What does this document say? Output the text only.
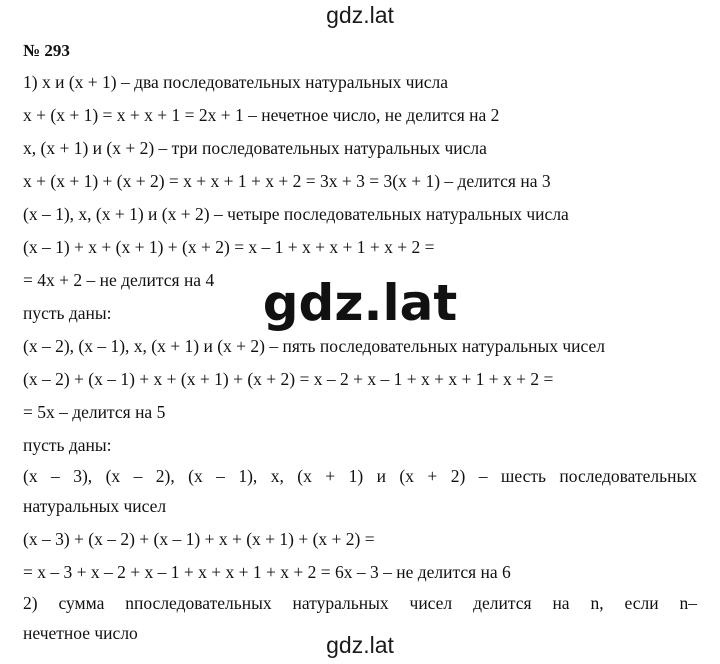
gdz.lat
№ 293
1) x и (x + 1) – два последовательных натуральных числа
x + (x + 1) = x + x + 1 = 2x + 1 – нечетное число, не делится на 2
x, (x + 1) и (x + 2) – три последовательных натуральных числа
x + (x + 1) + (x + 2) = x + x + 1 + x + 2 = 3x + 3 = 3(x + 1) – делится на 3
(x – 1), x, (x + 1) и (x + 2) – четыре последовательных натуральных числа
(x – 1) + x + (x + 1) + (x + 2) = x – 1 + x + x + 1 + x + 2 =
= 4x + 2 – не делится на 4
пусть даны:
(x – 2), (x – 1), x, (x + 1) и (x + 2) – пять последовательных натуральных чисел
(x – 2) + (x – 1) + x + (x + 1) + (x + 2) = x – 2 + x – 1 + x + x + 1 + x + 2 =
= 5x – делится на 5
пусть даны:
(x – 3), (x – 2), (x – 1), x, (x + 1) и (x + 2) – шесть последовательных
натуральных чисел
(x – 3) + (x – 2) + (x – 1) + x + (x + 1) + (x + 2) =
= x – 3 + x – 2 + x – 1 + x + x + 1 + x + 2 = 6x – 3 – не делится на 6
2) сумма nпоследовательных натуральных чисел делится на n, если n–
нечетное число
gdz.lat
gdz.lat
